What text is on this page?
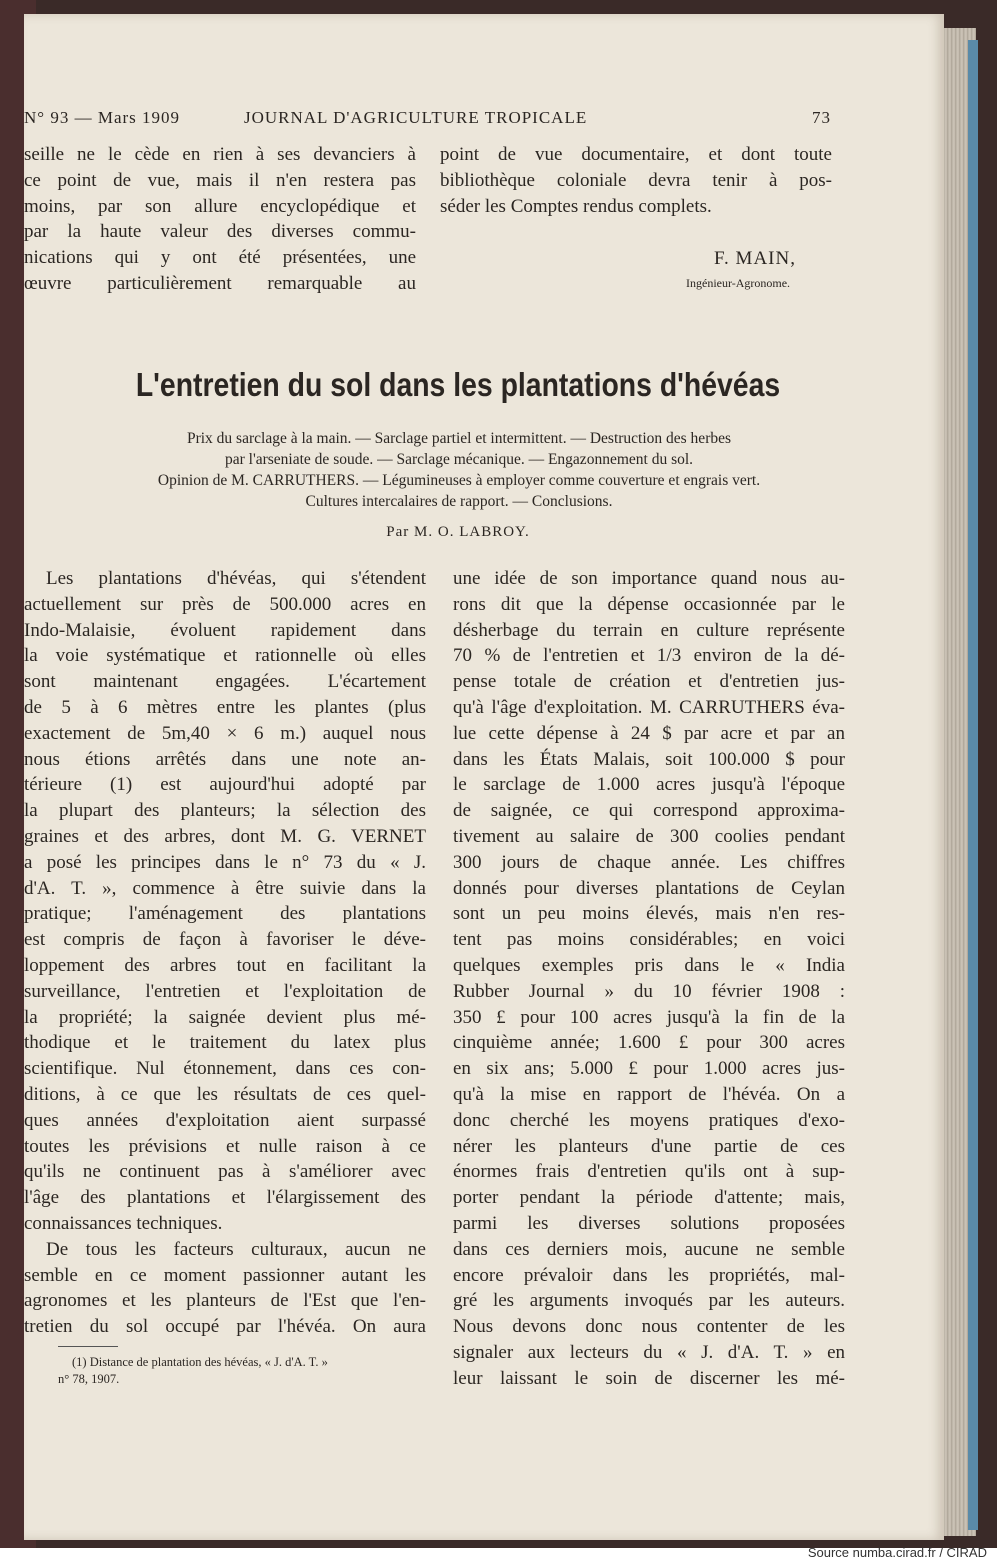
N° 93 — Mars 1909	JOURNAL D'AGRICULTURE TROPICALE	73
seille ne le cède en rien à ses devanciers à
ce point de vue, mais il n'en restera pas
moins, par son allure encyclopédique et
par la haute valeur des diverses commu-
nications qui y ont été présentées, une
œuvre particulièrement remarquable au
point de vue documentaire, et dont toute
bibliothèque coloniale devra tenir à pos-
séder les Comptes rendus complets.
F. MAIN,
Ingénieur-Agronome.
L'entretien du sol dans les plantations d'hévéas
Prix du sarclage à la main. — Sarclage partiel et intermittent. — Destruction des herbes
par l'arseniate de soude. — Sarclage mécanique. — Engazonnement du sol.
Opinion de M. CARRUTHERS. — Légumineuses à employer comme couverture et engrais vert.
Cultures intercalaires de rapport. — Conclusions.
Par M. O. LABROY.
Les plantations d'hévéas, qui s'étendent
actuellement sur près de 500.000 acres en
Indo-Malaisie, évoluent rapidement dans
la voie systématique et rationnelle où elles
sont maintenant engagées. L'écartement
de 5 à 6 mètres entre les plantes (plus
exactement de 5m,40 × 6 m.) auquel nous
nous étions arrêtés dans une note an-
térieure (1) est aujourd'hui adopté par
la plupart des planteurs; la sélection des
graines et des arbres, dont M. G. VERNET
a posé les principes dans le n° 73 du « J.
d'A. T. », commence à être suivie dans la
pratique; l'aménagement des plantations
est compris de façon à favoriser le déve-
loppement des arbres tout en facilitant la
surveillance, l'entretien et l'exploitation de
la propriété; la saignée devient plus mé-
thodique et le traitement du latex plus
scientifique. Nul étonnement, dans ces con-
ditions, à ce que les résultats de ces quel-
ques années d'exploitation aient surpassé
toutes les prévisions et nulle raison à ce
qu'ils ne continuent pas à s'améliorer avec
l'âge des plantations et l'élargissement des
connaissances techniques.
De tous les facteurs culturaux, aucun ne
semble en ce moment passionner autant les
agronomes et les planteurs de l'Est que l'en-
tretien du sol occupé par l'hévéa. On aura
une idée de son importance quand nous au-
rons dit que la dépense occasionnée par le
désherbage du terrain en culture représente
70 % de l'entretien et 1/3 environ de la dé-
pense totale de création et d'entretien jus-
qu'à l'âge d'exploitation. M. CARRUTHERS éva-
lue cette dépense à 24 $ par acre et par an
dans les États Malais, soit 100.000 $ pour
le sarclage de 1.000 acres jusqu'à l'époque
de saignée, ce qui correspond approxima-
tivement au salaire de 300 coolies pendant
300 jours de chaque année. Les chiffres
donnés pour diverses plantations de Ceylan
sont un peu moins élevés, mais n'en res-
tent pas moins considérables; en voici
quelques exemples pris dans le « India
Rubber Journal » du 10 février 1908 :
350 £ pour 100 acres jusqu'à la fin de la
cinquième année; 1.600 £ pour 300 acres
en six ans; 5.000 £ pour 1.000 acres jus-
qu'à la mise en rapport de l'hévéa. On a
donc cherché les moyens pratiques d'exo-
nérer les planteurs d'une partie de ces
énormes frais d'entretien qu'ils ont à sup-
porter pendant la période d'attente; mais,
parmi les diverses solutions proposées
dans ces derniers mois, aucune ne semble
encore prévaloir dans les propriétés, mal-
gré les arguments invoqués par les auteurs.
Nous devons donc nous contenter de les
signaler aux lecteurs du « J. d'A. T. » en
leur laissant le soin de discerner les mé-
(1) Distance de plantation des hévéas, « J. d'A. T. »
n° 78, 1907.
Source numba.cirad.fr / CIRAD
